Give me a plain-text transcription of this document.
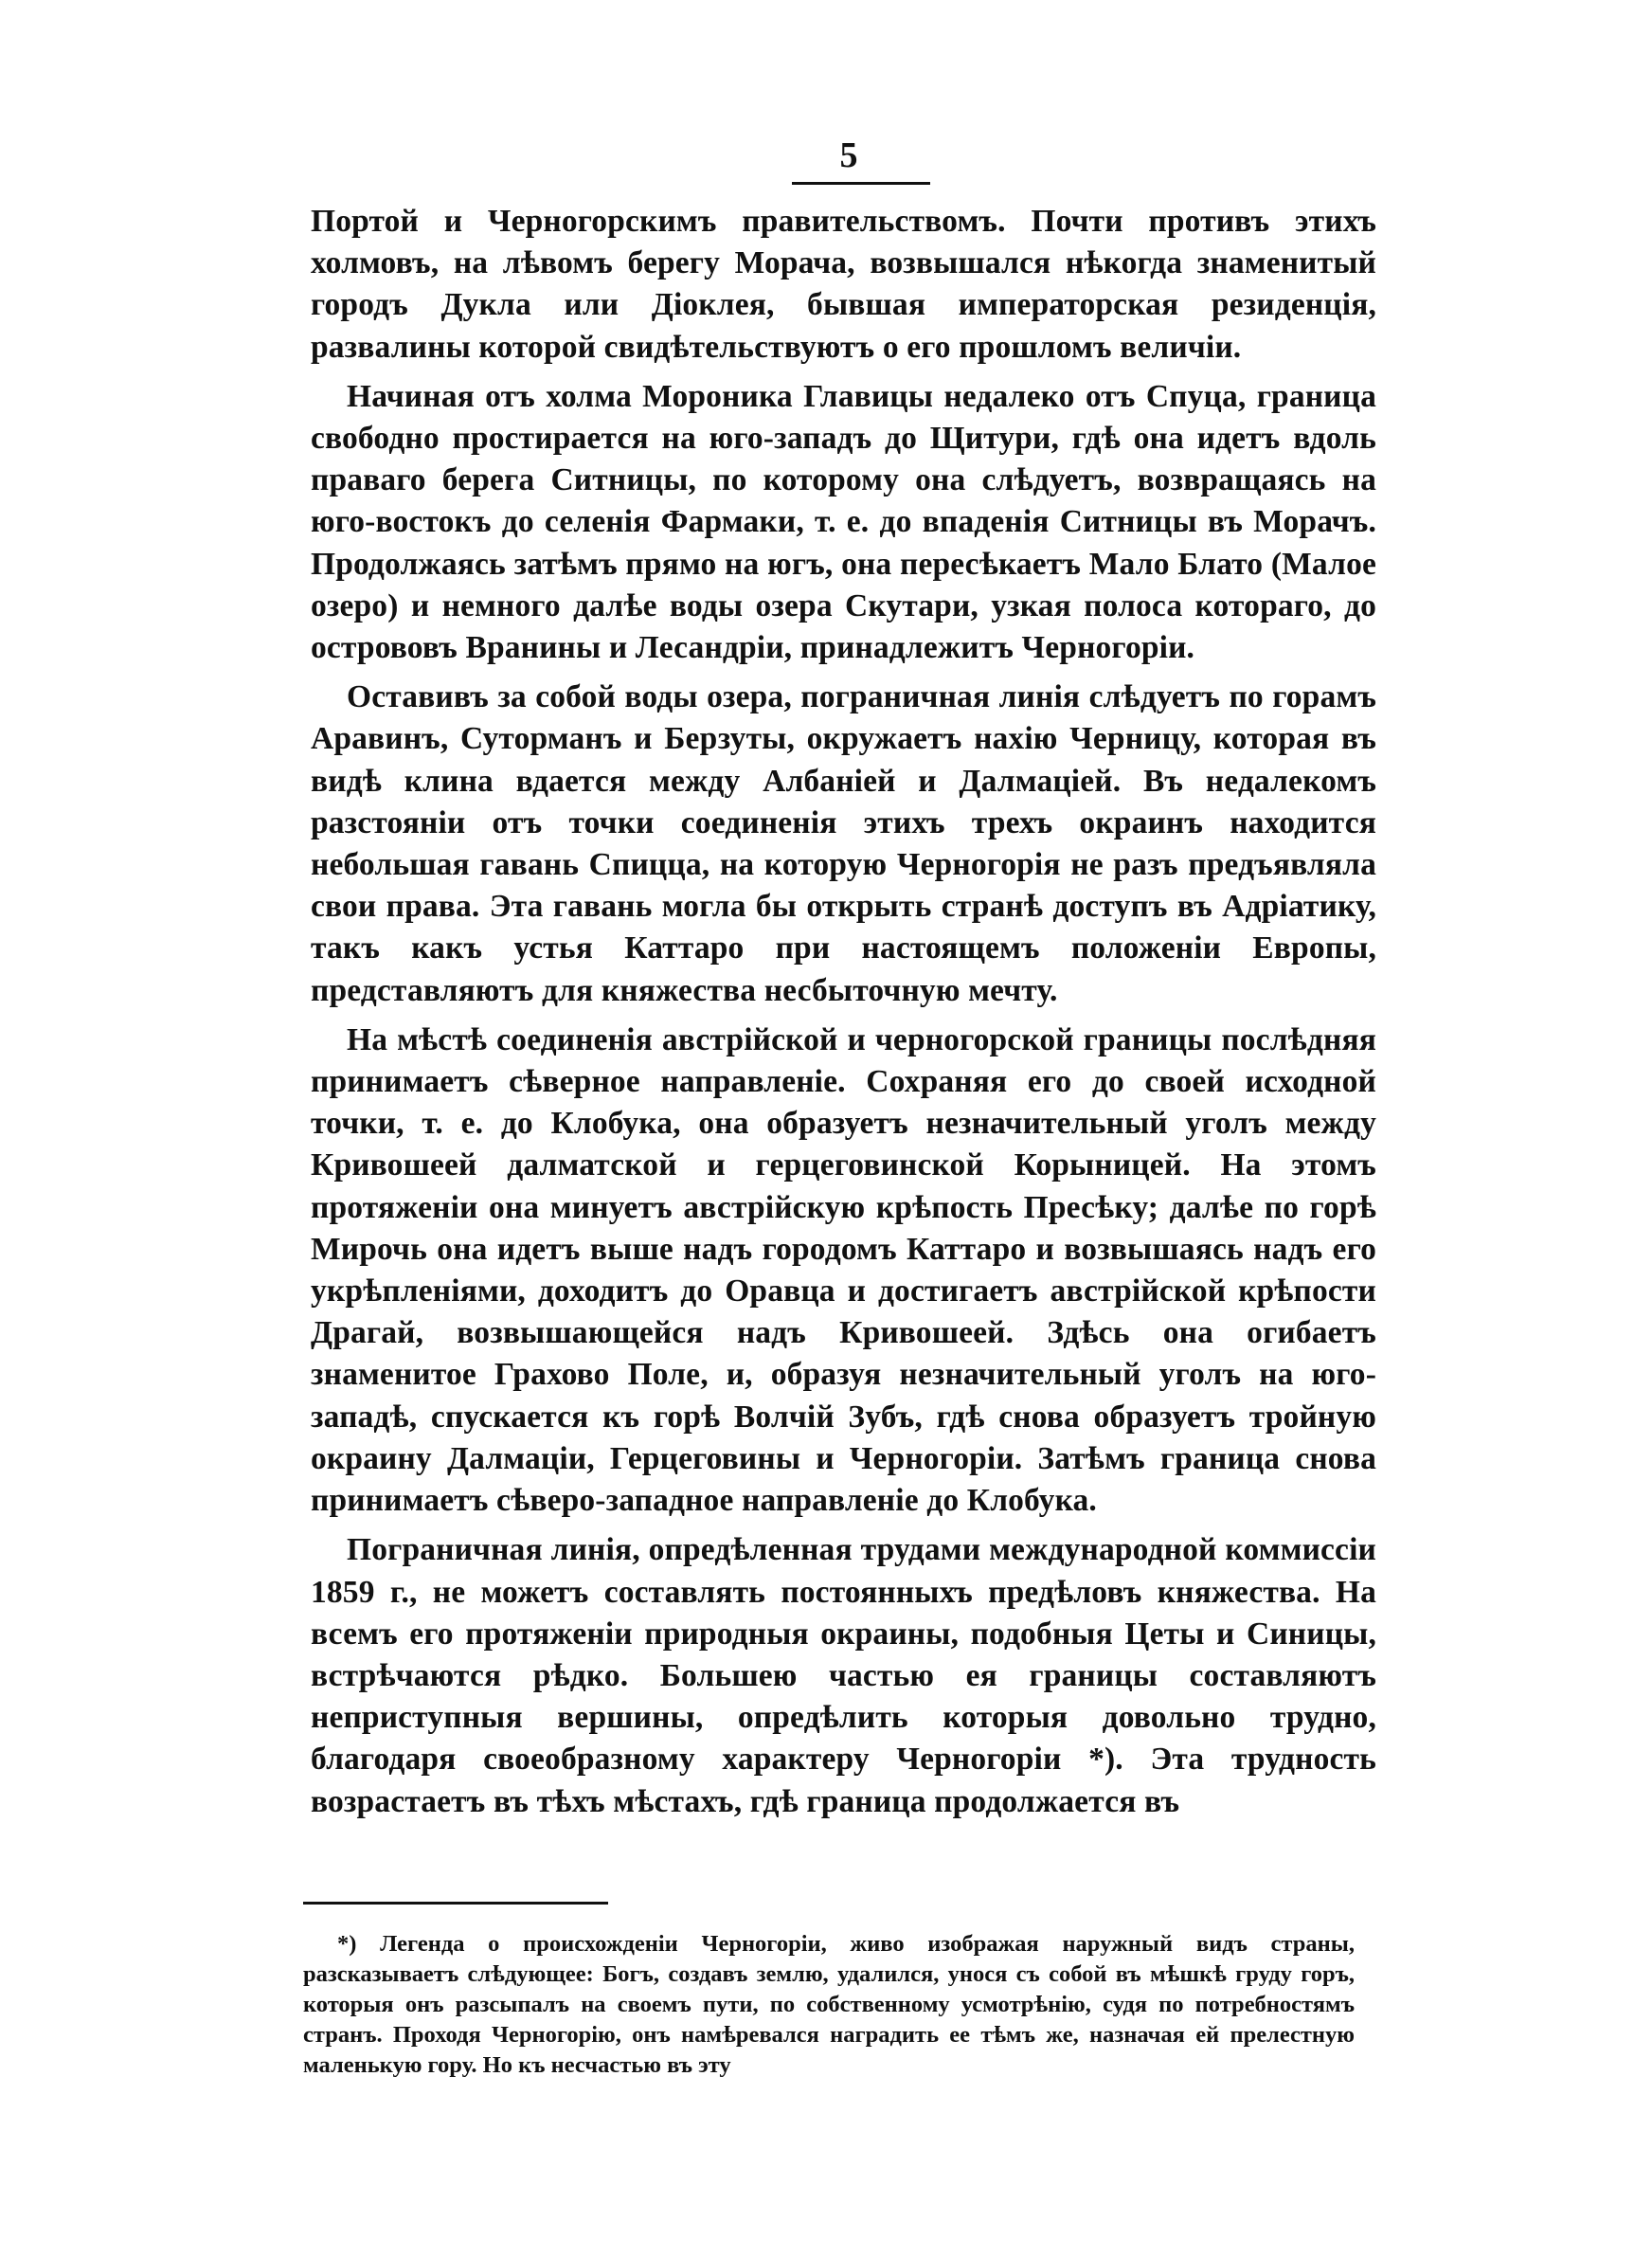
5

Портой и Черногорскимъ правительствомъ. Почти противъ этихъ холмовъ, на лѣвомъ берегу Морача, возвышался нѣкогда знаменитый городъ Дукла или Діоклея, бывшая императорская резиденція, развалины которой свидѣтельствуютъ о его прошломъ величіи.

Начиная отъ холма Мороника Главицы недалеко отъ Спуца, граница свободно простирается на юго-западъ до Щитури, гдѣ она идетъ вдоль праваго берега Ситницы, по которому она слѣдуетъ, возвращаясь на юго-востокъ до селенія Фармаки, т. е. до впаденія Ситницы въ Морачъ. Продолжаясь затѣмъ прямо на югъ, она пересѣкаетъ Мало Блато (Малое озеро) и немного далѣе воды озера Скутари, узкая полоса котораго, до острововъ Вранины и Лесандріи, принадлежитъ Черногоріи.

Оставивъ за собой воды озера, пограничная линія слѣдуетъ по горамъ Аравинъ, Суторманъ и Берзуты, окружаетъ нахію Черницу, которая въ видѣ клина вдается между Албаніей и Далмаціей. Въ недалекомъ разстояніи отъ точки соединенія этихъ трехъ окраинъ находится небольшая гавань Спицца, на которую Черногорія не разъ предъявляла свои права. Эта гавань могла бы открыть странѣ доступъ въ Адріатику, такъ какъ устья Каттаро при настоящемъ положеніи Европы, представляютъ для княжества несбыточную мечту.

На мѣстѣ соединенія австрійской и черногорской границы послѣдняя принимаетъ сѣверное направленіе. Сохраняя его до своей исходной точки, т. е. до Клобука, она образуетъ незначительный уголъ между Кривошеей далматской и герцеговинской Корыницей. На этомъ протяженіи она минуетъ австрійскую крѣпость Пресѣку; далѣе по горѣ Мирочь она идетъ выше надъ городомъ Каттаро и возвышаясь надъ его укрѣпленіями, доходитъ до Оравца и достигаетъ австрійской крѣпости Драгай, возвышающейся надъ Кривошеей. Здѣсь она огибаетъ знаменитое Грахово Поле, и, образуя незначительный уголъ на юго-западѣ, спускается къ горѣ Волчій Зубъ, гдѣ снова образуетъ тройную окраину Далмаціи, Герцеговины и Черногоріи. Затѣмъ граница снова принимаетъ сѣверо-западное направленіе до Клобука.

Пограничная линія, опредѣленная трудами международной коммиссіи 1859 г., не можетъ составлять постоянныхъ предѣловъ княжества. На всемъ его протяженіи природныя окраины, подобныя Цеты и Синицы, встрѣчаются рѣдко. Большею частью ея границы составляютъ неприступныя вершины, опредѣлить которыя довольно трудно, благодаря своеобразному характеру Черногоріи *). Эта трудность возрастаетъ въ тѣхъ мѣстахъ, гдѣ граница продолжается въ

*) Легенда о происхожденіи Черногоріи, живо изображая наружный видъ страны, разсказываетъ слѣдующее: Богъ, создавъ землю, удалился, унося съ собой въ мѣшкѣ груду горъ, которыя онъ разсыпалъ на своемъ пути, по собственному усмотрѣнію, судя по потребностямъ странъ. Проходя Черногорію, онъ намѣревался наградить ее тѣмъ же, назначая ей прелестную маленькую гору. Но къ несчастью въ эту
